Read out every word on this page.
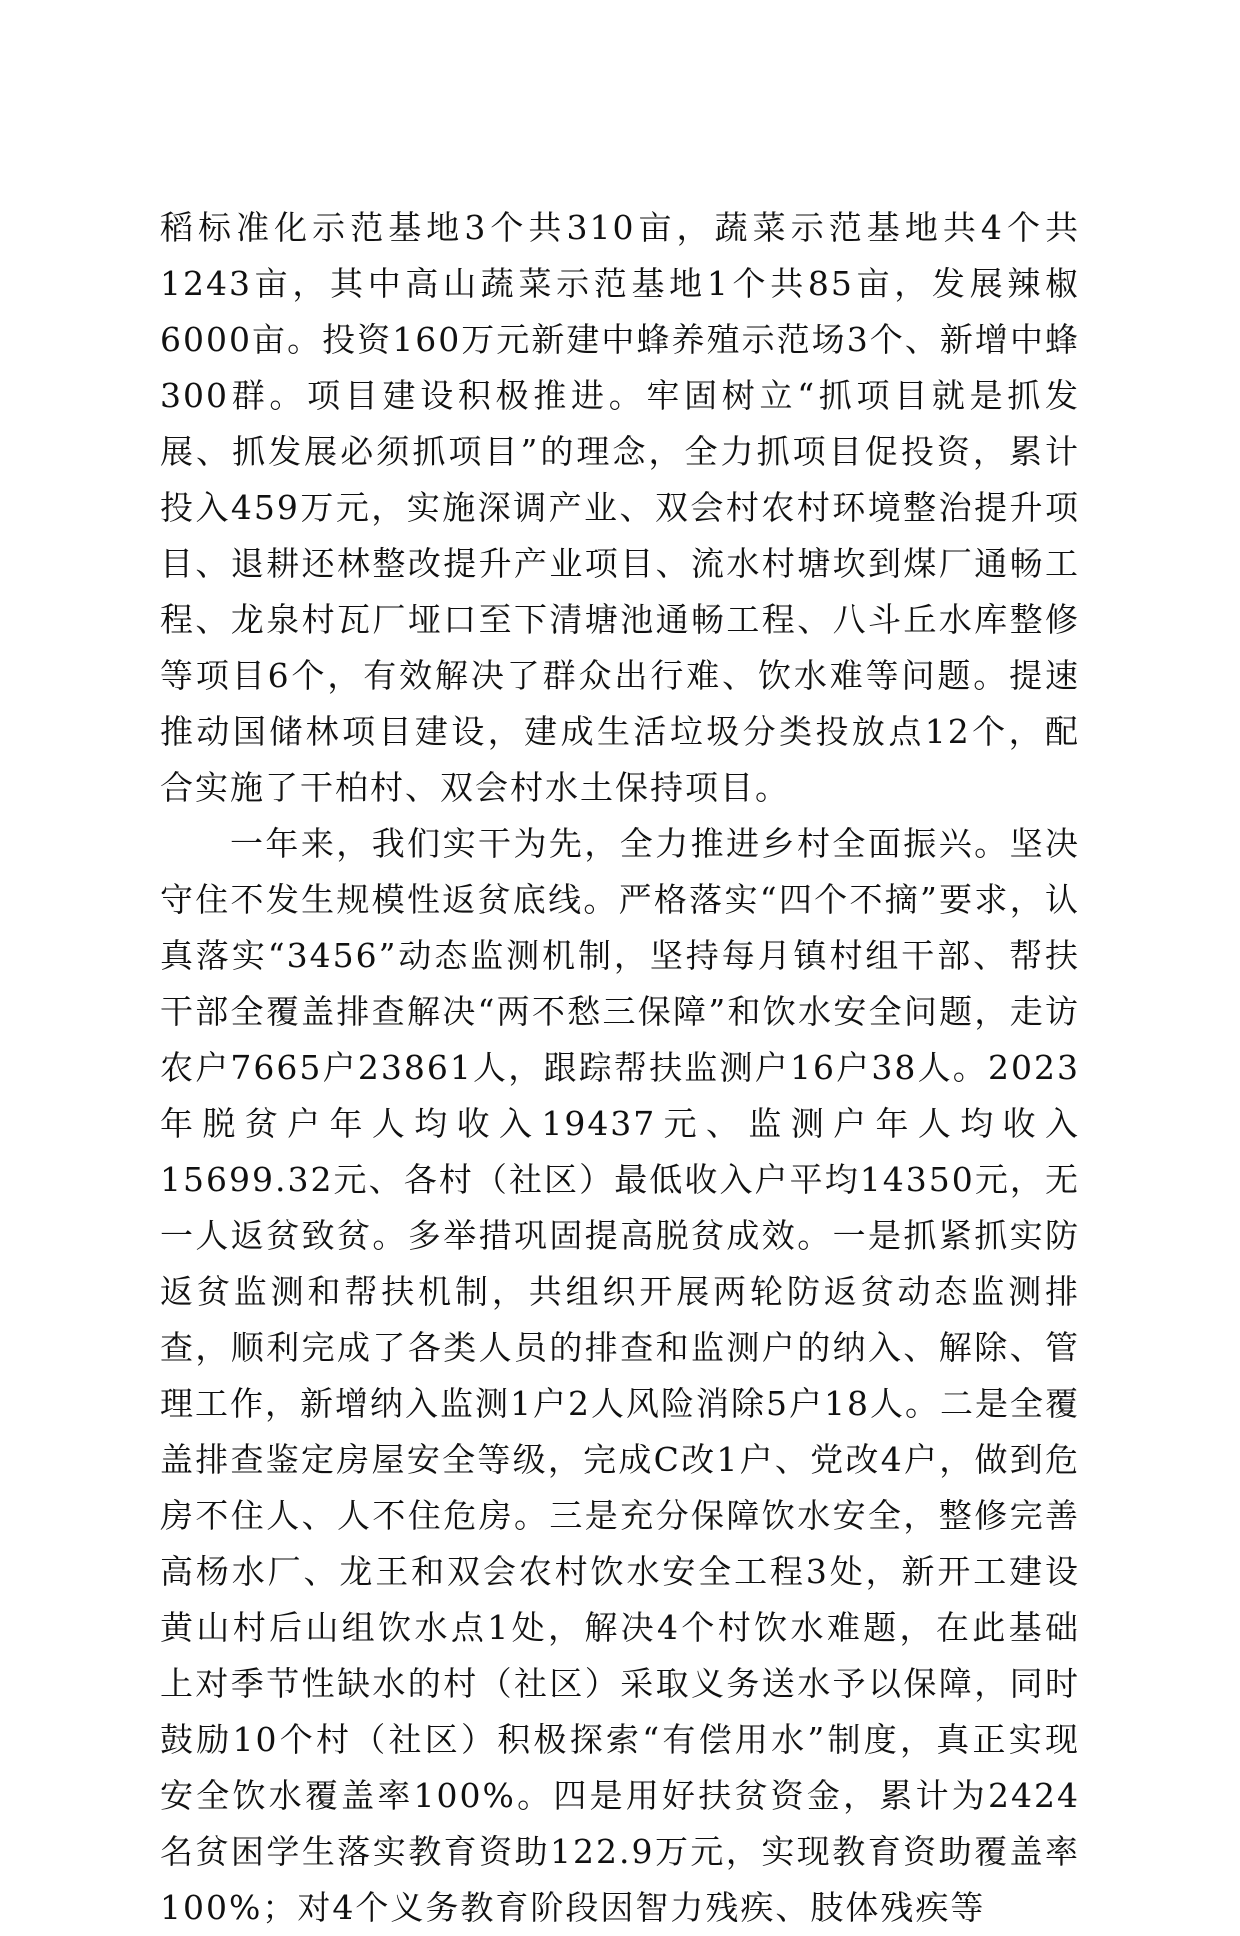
稻标准化示范基地3个共310亩，蔬菜示范基地共4个共1243亩，其中高山蔬菜示范基地1个共85亩，发展辣椒6000亩。投资160万元新建中蜂养殖示范场3个、新增中蜂300群。项目建设积极推进。牢固树立“抓项目就是抓发展、抓发展必须抓项目”的理念，全力抓项目促投资，累计投入459万元，实施深调产业、双会村农村环境整治提升项目、退耕还林整改提升产业项目、流水村塘坎到煤厂通畅工程、龙泉村瓦厂垭口至下清塘池通畅工程、八斗丘水库整修等项目6个，有效解决了群众出行难、饮水难等问题。提速推动国储林项目建设，建成生活垃圾分类投放点12个，配合实施了干柏村、双会村水土保持项目。

一年来，我们实干为先，全力推进乡村全面振兴。坚决守住不发生规模性返贫底线。严格落实“四个不摘”要求，认真落实“3456”动态监测机制，坚持每月镇村组干部、帮扶干部全覆盖排查解决“两不愁三保障”和饮水安全问题，走访农户7665户23861人，跟踪帮扶监测户16户38人。2023年脱贫户年人均收入19437元、监测户年人均收入15699.32元、各村（社区）最低收入户平均14350元，无一人返贫致贫。多举措巩固提高脱贫成效。一是抓紧抓实防返贫监测和帮扶机制，共组织开展两轮防返贫动态监测排查，顺利完成了各类人员的排查和监测户的纳入、解除、管理工作，新增纳入监测1户2人风险消除5户18人。二是全覆盖排查鉴定房屋安全等级，完成C改1户、党改4户，做到危房不住人、人不住危房。三是充分保障饮水安全，整修完善高杨水厂、龙王和双会农村饮水安全工程3处，新开工建设黄山村后山组饮水点1处，解决4个村饮水难题，在此基础上对季节性缺水的村（社区）采取义务送水予以保障，同时鼓励10个村（社区）积极探索“有偿用水”制度，真正实现安全饮水覆盖率100%。四是用好扶贫资金，累计为2424名贫困学生落实教育资助122.9万元，实现教育资助覆盖率100%；对4个义务教育阶段因智力残疾、肢体残疾等
